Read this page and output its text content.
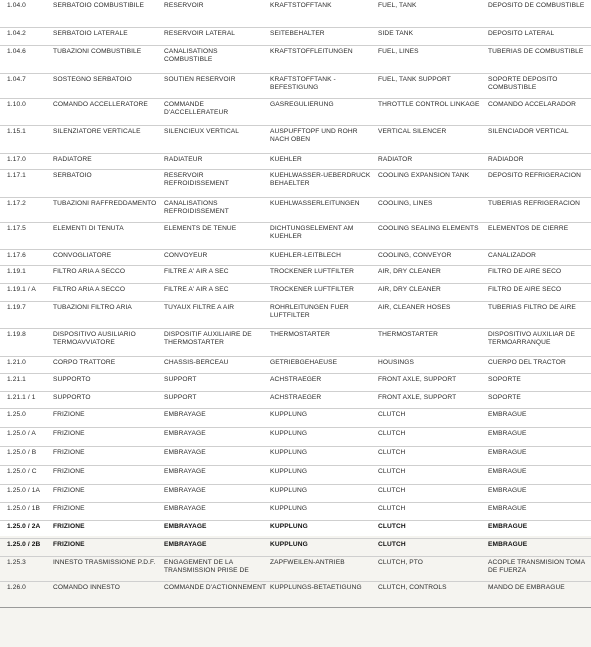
1.04.0	SERBATOIO COMBUSTIBILE	RESERVOIR	KRAFTSTOFFTANK	FUEL, TANK	DEPOSITO DE COMBUSTIBLE
1.04.2	SERBATOIO LATERALE	RESERVOIR LATERAL	SEITEBEHALTER	SIDE TANK	DEPOSITO LATERAL
1.04.6	TUBAZIONI COMBUSTIBILE	CANALISATIONS COMBUSTIBLE	KRAFTSTOFFLEITUNGEN	FUEL, LINES	TUBERIAS DE COMBUSTIBLE
1.04.7	SOSTEGNO SERBATOIO	SOUTIEN RESERVOIR	KRAFTSTOFFTANK - BEFESTIGUNG	FUEL, TANK SUPPORT	SOPORTE DEPOSITO COMBUSTIBLE
1.10.0	COMANDO ACCELLERATORE	COMMANDE D'ACCELLERATEUR	GASREGULIERUNG	THROTTLE CONTROL LINKAGE	COMANDO ACCELARADOR
1.15.1	SILENZIATORE VERTICALE	SILENCIEUX VERTICAL	AUSPUFFTOPF UND ROHR NACH OBEN	VERTICAL SILENCER	SILENCIADOR VERTICAL
1.17.0	RADIATORE	RADIATEUR	KUEHLER	RADIATOR	RADIADOR
1.17.1	SERBATOIO	RESERVOIR REFROIDISSEMENT	KUEHLWASSER-UEBERDRUCK BEHAELTER	COOLING EXPANSION TANK	DEPOSITO REFRIGERACION
1.17.2	TUBAZIONI RAFFREDDAMENTO	CANALISATIONS REFROIDISSEMENT	KUEHLWASSERLEITUNGEN	COOLING, LINES	TUBERIAS REFRIGERACION
1.17.5	ELEMENTI DI TENUTA	ELEMENTS DE TENUE	DICHTUNGSELEMENT AM KUEHLER	COOLING SEALING ELEMENTS	ELEMENTOS DE CIERRE
1.17.6	CONVOGLIATORE	CONVOYEUR	KUEHLER-LEITBLECH	COOLING, CONVEYOR	CANALIZADOR
1.19.1	FILTRO ARIA A SECCO	FILTRE A' AIR A SEC	TROCKENER LUFTFILTER	AIR, DRY CLEANER	FILTRO DE AIRE SECO
1.19.1 / A	FILTRO ARIA A SECCO	FILTRE A' AIR A SEC	TROCKENER LUFTFILTER	AIR, DRY CLEANER	FILTRO DE AIRE SECO
1.19.7	TUBAZIONI FILTRO ARIA	TUYAUX FILTRE A AIR	ROHRLEITUNGEN FUER LUFTFILTER	AIR, CLEANER HOSES	TUBERIAS FILTRO DE AIRE
1.19.8	DISPOSITIVO AUSILIARIO TERMOAVVIATORE	DISPOSITIF AUXILIAIRE DE THERMOSTARTER	THERMOSTARTER	THERMOSTARTER	DISPOSITIVO AUXILIAR DE TERMOARRANQUE
1.21.0	CORPO TRATTORE	CHASSIS-BERCEAU	GETRIEBGEHAEUSE	HOUSINGS	CUERPO DEL TRACTOR
1.21.1	SUPPORTO	SUPPORT	ACHSTRAEGER	FRONT AXLE, SUPPORT	SOPORTE
1.21.1 / 1	SUPPORTO	SUPPORT	ACHSTRAEGER	FRONT AXLE, SUPPORT	SOPORTE
1.25.0	FRIZIONE	EMBRAYAGE	KUPPLUNG	CLUTCH	EMBRAGUE
1.25.0 / A	FRIZIONE	EMBRAYAGE	KUPPLUNG	CLUTCH	EMBRAGUE
1.25.0 / B	FRIZIONE	EMBRAYAGE	KUPPLUNG	CLUTCH	EMBRAGUE
1.25.0 / C	FRIZIONE	EMBRAYAGE	KUPPLUNG	CLUTCH	EMBRAGUE
1.25.0 / 1A	FRIZIONE	EMBRAYAGE	KUPPLUNG	CLUTCH	EMBRAGUE
1.25.0 / 1B	FRIZIONE	EMBRAYAGE	KUPPLUNG	CLUTCH	EMBRAGUE
1.25.0 / 2A	FRIZIONE	EMBRAYAGE	KUPPLUNG	CLUTCH	EMBRAGUE
1.25.0 / 2B	FRIZIONE	EMBRAYAGE	KUPPLUNG	CLUTCH	EMBRAGUE
1.25.3	INNESTO TRASMISSIONE P.D.F.	ENGAGEMENT DE LA TRANSMISSION PRISE DE	ZAPFWEILEN-ANTRIEB	CLUTCH, PTO	ACOPLE TRANSMISION TOMA DE FUERZA
1.26.0	COMANDO INNESTO	COMMANDE D'ACTIONNEMENT	KUPPLUNGS-BETAETIGUNG	CLUTCH, CONTROLS	MANDO DE EMBRAGUE
